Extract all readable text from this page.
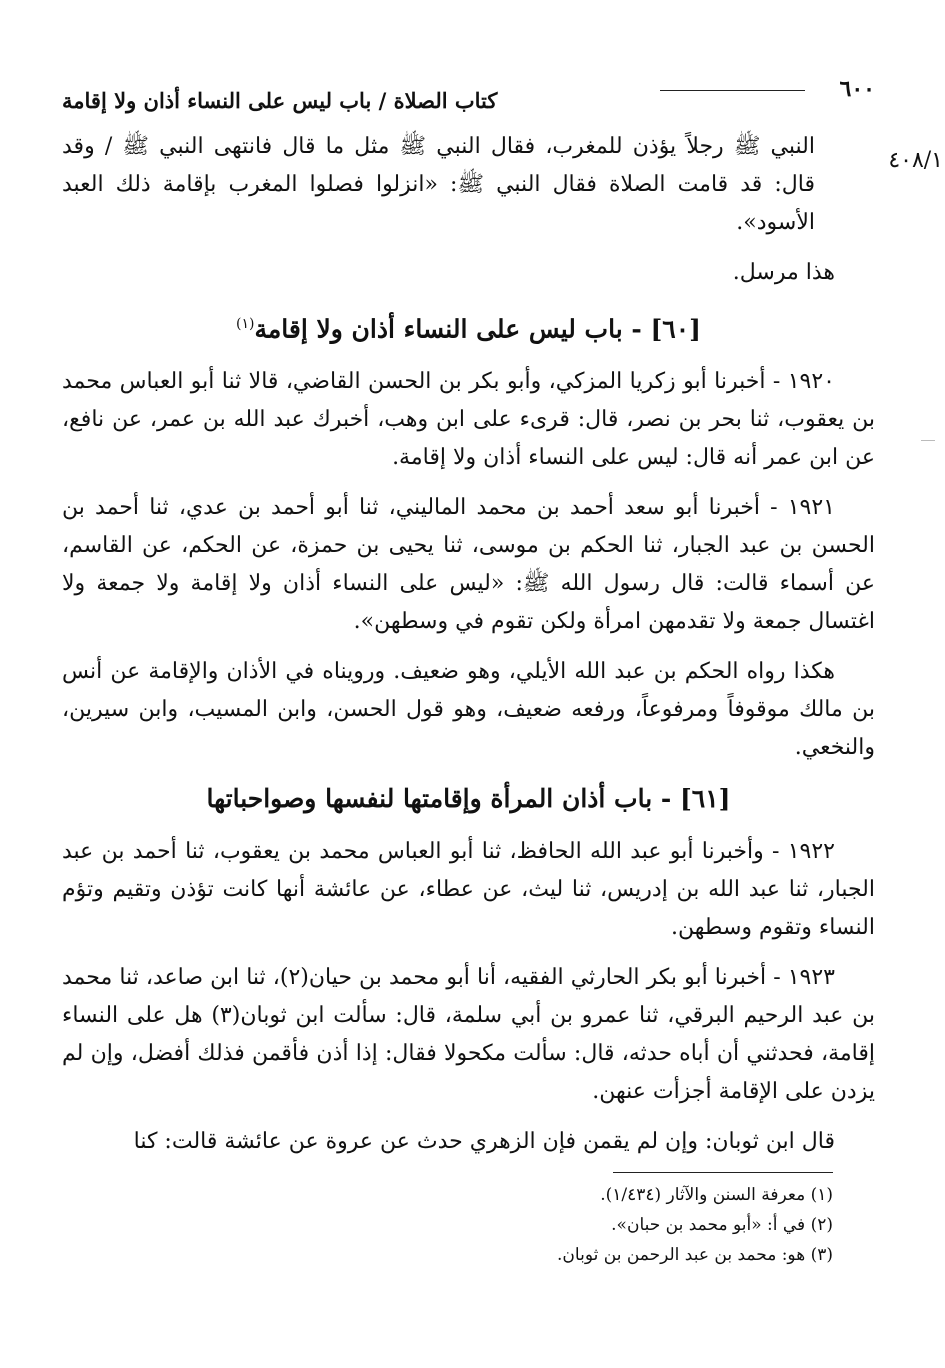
٦٠٠
كتاب الصلاة / باب ليس على النساء أذان ولا إقامة
٤٠٨/١

النبي ﷺ رجلاً يؤذن للمغرب، فقال النبي ﷺ مثل ما قال فانتهى النبي ﷺ / وقد قال: قد قامت الصلاة فقال النبي ﷺ: «انزلوا فصلوا المغرب بإقامة ذلك العبد الأسود».

هذا مرسل.

[٦٠] - باب ليس على النساء أذان ولا إقامة$^{(١)}$

١٩٢٠ - أخبرنا أبو زكريا المزكي، وأبو بكر بن الحسن القاضي، قالا ثنا أبو العباس محمد بن يعقوب، ثنا بحر بن نصر، قال: قرىء على ابن وهب، أخبرك عبد الله بن عمر، عن نافع، عن ابن عمر أنه قال: ليس على النساء أذان ولا إقامة.

١٩٢١ - أخبرنا أبو سعد أحمد بن محمد الماليني، ثنا أبو أحمد بن عدي، ثنا أحمد بن الحسن بن عبد الجبار، ثنا الحكم بن موسى، ثنا يحيى بن حمزة، عن الحكم، عن القاسم، عن أسماء قالت: قال رسول الله ﷺ: «ليس على النساء أذان ولا إقامة ولا جمعة ولا اغتسال جمعة ولا تقدمهن امرأة ولكن تقوم في وسطهن».

هكذا رواه الحكم بن عبد الله الأيلي، وهو ضعيف. ورويناه في الأذان والإقامة عن أنس بن مالك موقوفاً ومرفوعاً، ورفعه ضعيف، وهو قول الحسن، وابن المسيب، وابن سيرين، والنخعي.

[٦١] - باب أذان المرأة وإقامتها لنفسها وصواحباتها

١٩٢٢ - وأخبرنا أبو عبد الله الحافظ، ثنا أبو العباس محمد بن يعقوب، ثنا أحمد بن عبد الجبار، ثنا عبد الله بن إدريس، ثنا ليث، عن عطاء، عن عائشة أنها كانت تؤذن وتقيم وتؤم النساء وتقوم وسطهن.

١٩٢٣ - أخبرنا أبو بكر الحارثي الفقيه، أنا أبو محمد بن حيان(٢)، ثنا ابن صاعد، ثنا محمد بن عبد الرحيم البرقي، ثنا عمرو بن أبي سلمة، قال: سألت ابن ثوبان(٣) هل على النساء إقامة، فحدثني أن أباه حدثه، قال: سألت مكحولا فقال: إذا أذن فأقمن فذلك أفضل، وإن لم يزدن على الإقامة أجزأت عنهن.

قال ابن ثوبان: وإن لم يقمن فإن الزهري حدث عن عروة عن عائشة قالت: كنا

(١) معرفة السنن والآثار (١/٤٣٤).
(٢) في أ: «أبو محمد بن حبان».
(٣) هو: محمد بن عبد الرحمن بن ثوبان.
